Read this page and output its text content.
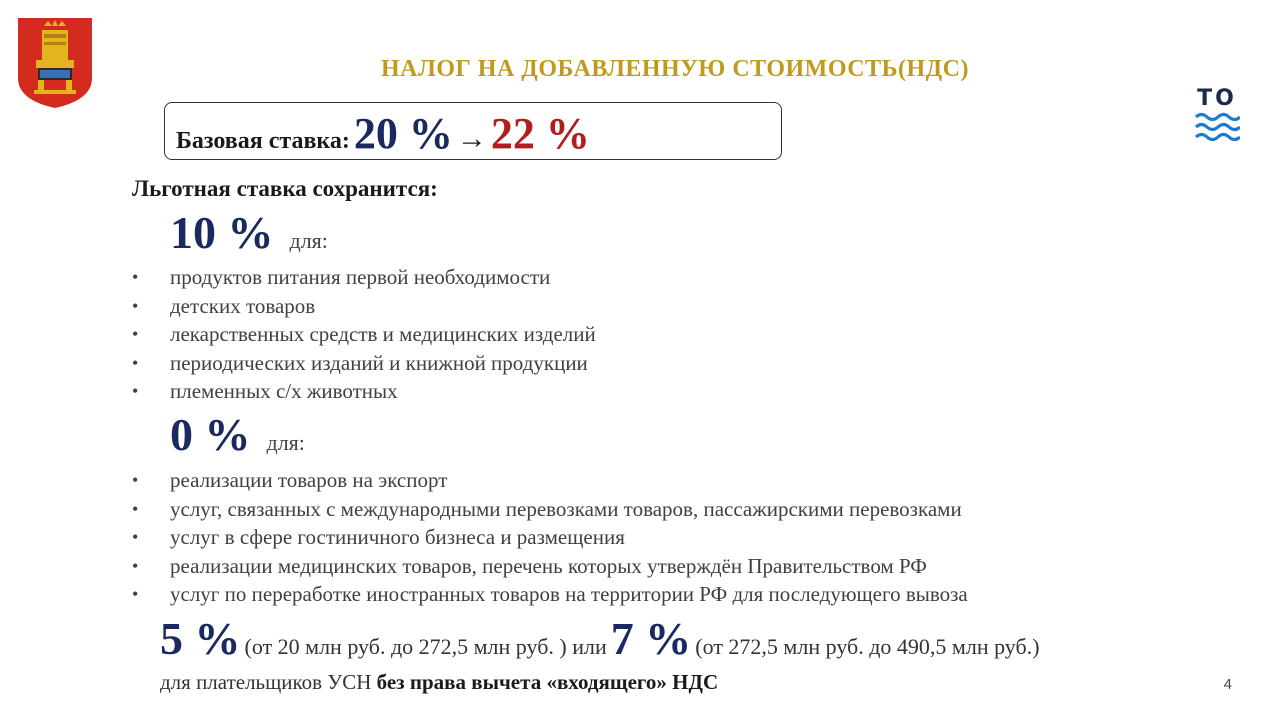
НАЛОГ НА ДОБАВЛЕННУЮ СТОИМОСТЬ(НДС)
ТО
Базовая ставка: 20 % → 22 %
Льготная ставка сохранится:
10 % для:
• продуктов питания первой необходимости
• детских товаров
• лекарственных средств и медицинских изделий
• периодических изданий и книжной продукции
• племенных с/х животных
0 % для:
• реализации товаров на экспорт
• услуг, связанных с международными перевозками товаров, пассажирскими перевозками
• услуг в сфере гостиничного бизнеса и размещения
• реализации медицинских товаров, перечень которых утверждён Правительством РФ
• услуг по переработке иностранных товаров на территории РФ для последующего вывоза
5 % (от 20 млн руб. до 272,5 млн руб. ) или 7 % (от 272,5 млн руб. до 490,5 млн руб.)
для плательщиков УСН без права вычета «входящего» НДС	4
